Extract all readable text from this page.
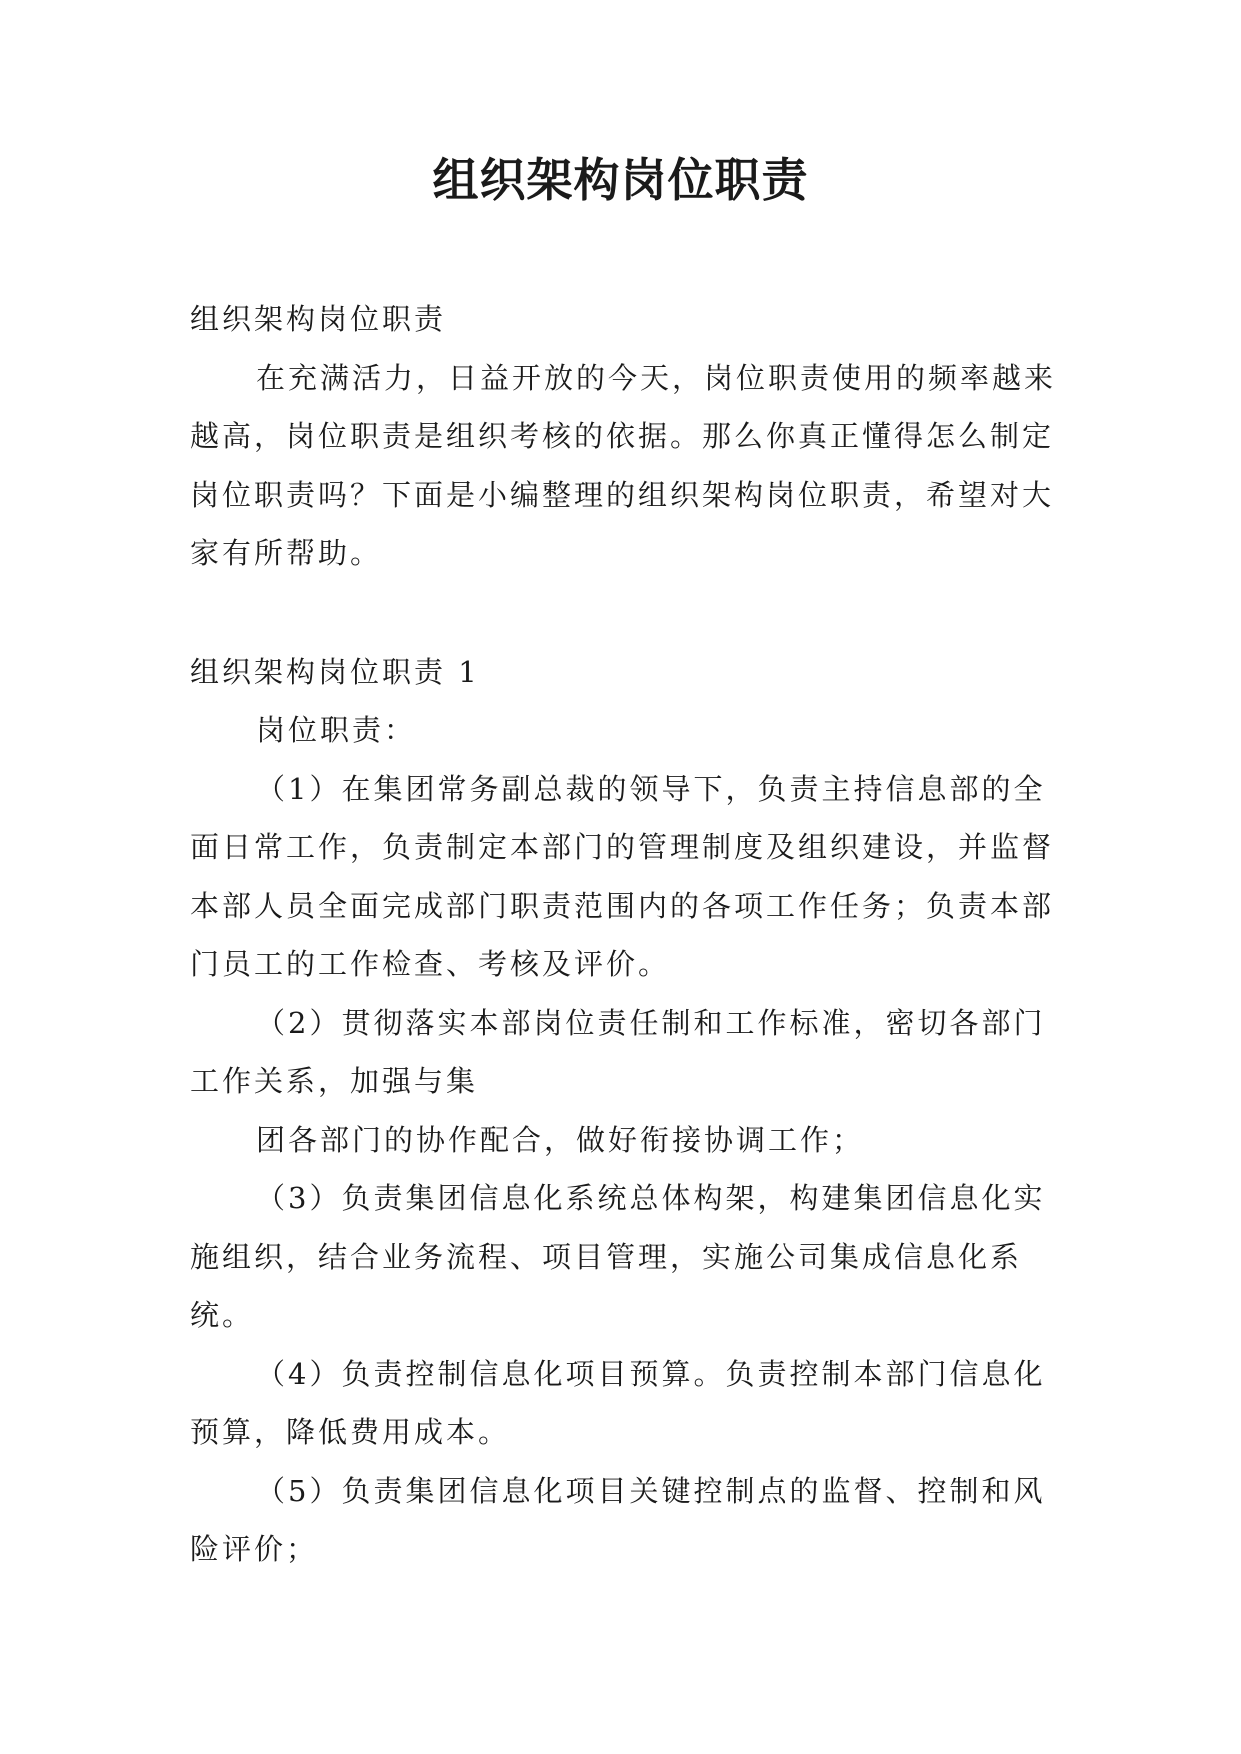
组织架构岗位职责

组织架构岗位职责

在充满活力，日益开放的今天，岗位职责使用的频率越来越高，岗位职责是组织考核的依据。那么你真正懂得怎么制定岗位职责吗？下面是小编整理的组织架构岗位职责，希望对大家有所帮助。

组织架构岗位职责 1

岗位职责：

（1）在集团常务副总裁的领导下，负责主持信息部的全面日常工作，负责制定本部门的管理制度及组织建设，并监督本部人员全面完成部门职责范围内的各项工作任务；负责本部门员工的工作检查、考核及评价。

（2）贯彻落实本部岗位责任制和工作标准，密切各部门工作关系，加强与集

团各部门的协作配合，做好衔接协调工作；

（3）负责集团信息化系统总体构架，构建集团信息化实施组织，结合业务流程、项目管理，实施公司集成信息化系统。

（4）负责控制信息化项目预算。负责控制本部门信息化预算，降低费用成本。

（5）负责集团信息化项目关键控制点的监督、控制和风险评价；
